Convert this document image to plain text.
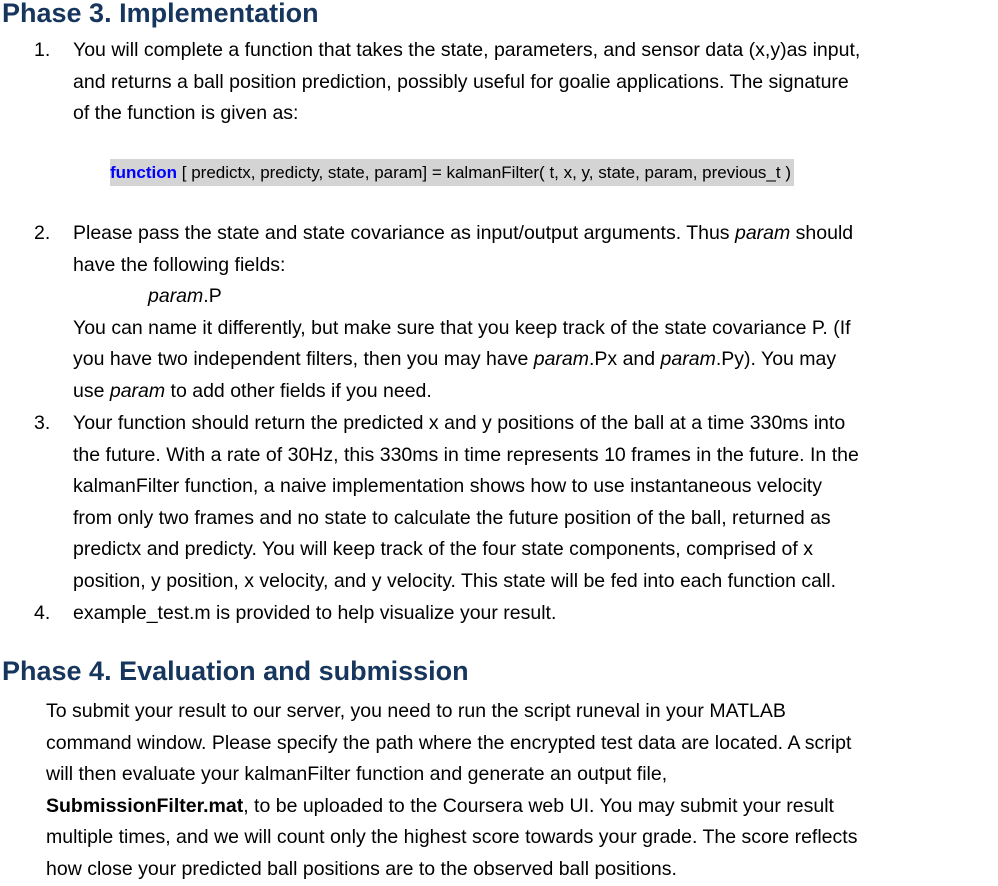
Phase 3. Implementation
1. You will complete a function that takes the state, parameters, and sensor data (x,y)as input,
and returns a ball position prediction, possibly useful for goalie applications. The signature
of the function is given as:

function [ predictx, predicty, state, param] = kalmanFilter( t, x, y, state, param, previous_t )
2. Please pass the state and state covariance as input/output arguments. Thus param should
have the following fields:
param.P
You can name it differently, but make sure that you keep track of the state covariance P. (If
you have two independent filters, then you may have param.Px and param.Py). You may
use param to add other fields if you need.

3. Your function should return the predicted x and y positions of the ball at a time 330ms into
the future. With a rate of 30Hz, this 330ms in time represents 10 frames in the future. In the
kalmanFilter function, a naive implementation shows how to use instantaneous velocity
from only two frames and no state to calculate the future position of the ball, returned as
predictx and predicty. You will keep track of the four state components, comprised of x
position, y position, x velocity, and y velocity. This state will be fed into each function call.

4. example_test.m is provided to help visualize your result.

Phase 4. Evaluation and submission

To submit your result to our server, you need to run the script runeval in your MATLAB
command window. Please specify the path where the encrypted test data are located. A script
will then evaluate your kalmanFilter function and generate an output file,
SubmissionFilter.mat, to be uploaded to the Coursera web UI. You may submit your result
multiple times, and we will count only the highest score towards your grade. The score reflects
how close your predicted ball positions are to the observed ball positions.
